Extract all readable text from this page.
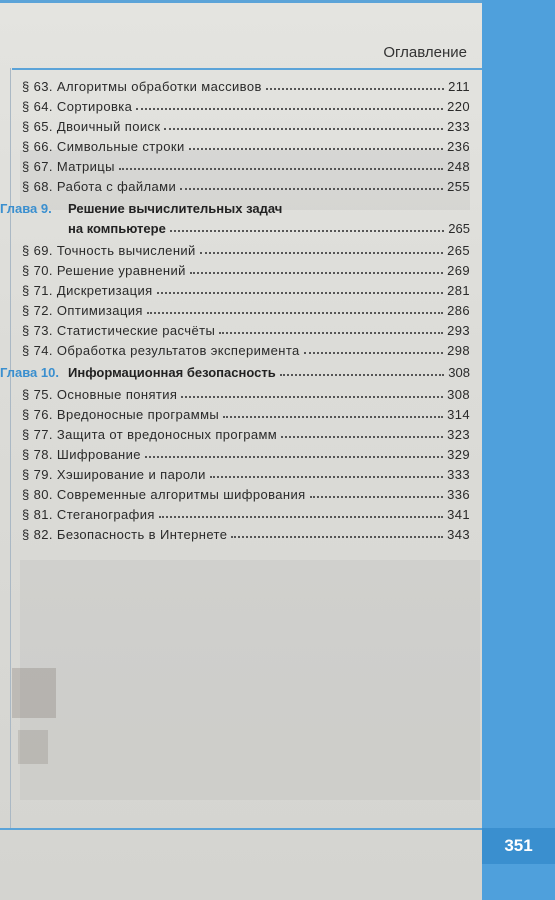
Оглавление
§ 63. Алгоритмы обработки массивов	211
§ 64. Сортировка	220
§ 65. Двоичный поиск	233
§ 66. Символьные строки	236
§ 67. Матрицы	248
§ 68. Работа с файлами	255
Глава 9.	Решение вычислительных задач
на компьютере	265
§ 69. Точность вычислений	265
§ 70. Решение уравнений	269
§ 71. Дискретизация	281
§ 72. Оптимизация	286
§ 73. Статистические расчёты	293
§ 74. Обработка результатов эксперимента	298
Глава 10. Информационная безопасность	308
§ 75. Основные понятия	308
§ 76. Вредоносные программы	314
§ 77. Защита от вредоносных программ	323
§ 78. Шифрование	329
§ 79. Хэширование и пароли	333
§ 80. Современные алгоритмы шифрования	336
§ 81. Стеганография	341
§ 82. Безопасность в Интернете	343
351
